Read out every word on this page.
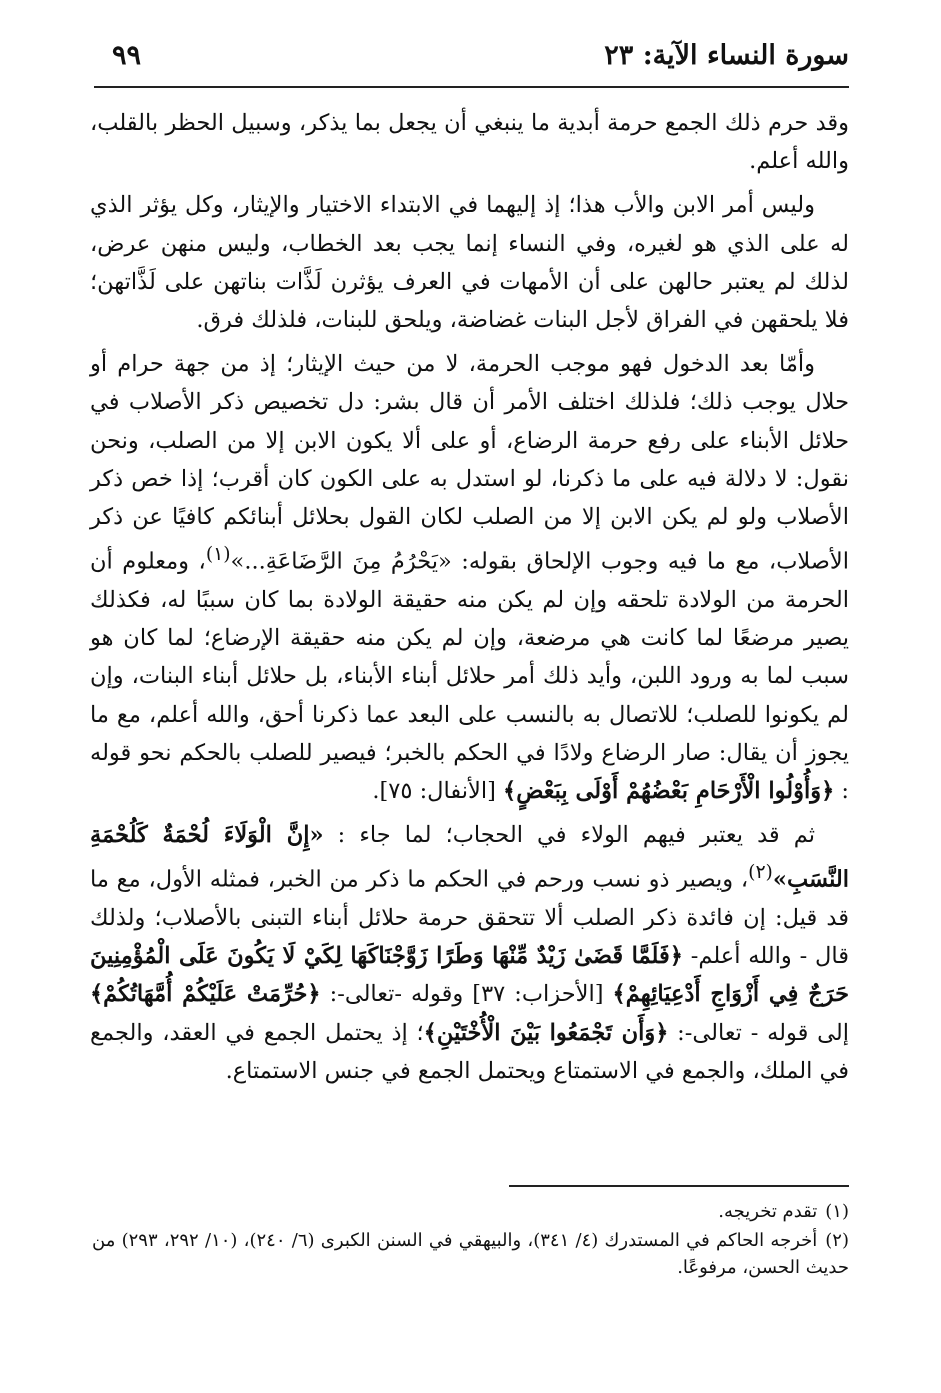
سورة النساء الآية: ٢٣
٩٩

وقد حرم ذلك الجمع حرمة أبدية ما ينبغي أن يجعل بما يذكر، وسبيل الحظر بالقلب، والله أعلم.

وليس أمر الابن والأب هذا؛ إذ إليهما في الابتداء الاختيار والإيثار، وكل يؤثر الذي له على الذي هو لغيره، وفي النساء إنما يجب بعد الخطاب، وليس منهن عرض، لذلك لم يعتبر حالهن على أن الأمهات في العرف يؤثرن لَذَّات بناتهن على لَذَّاتهن؛ فلا يلحقهن في الفراق لأجل البنات غضاضة، ويلحق للبنات، فلذلك فرق.

وأمّا بعد الدخول فهو موجب الحرمة، لا من حيث الإيثار؛ إذ من جهة حرام أو حلال يوجب ذلك؛ فلذلك اختلف الأمر أن قال بشر: دل تخصيص ذكر الأصلاب في حلائل الأبناء على رفع حرمة الرضاع، أو على ألا يكون الابن إلا من الصلب، ونحن نقول: لا دلالة فيه على ما ذكرنا، لو استدل به على الكون كان أقرب؛ إذا خص ذكر الأصلاب ولو لم يكن الابن إلا من الصلب لكان القول بحلائل أبنائكم كافيًا عن ذكر الأصلاب، مع ما فيه وجوب الإلحاق بقوله: «يَحْرُمُ مِنَ الرَّضَاعَةِ...»$^{(١)}$، ومعلوم أن الحرمة من الولادة تلحقه وإن لم يكن منه حقيقة الولادة بما كان سببًا له، فكذلك يصير مرضعًا لما كانت هي مرضعة، وإن لم يكن منه حقيقة الإرضاع؛ لما كان هو سبب لما به ورود اللبن، وأيد ذلك أمر حلائل أبناء الأبناء، بل حلائل أبناء البنات، وإن لم يكونوا للصلب؛ للاتصال به بالنسب على البعد عما ذكرنا أحق، والله أعلم، مع ما يجوز أن يقال: صار الرضاع ولادًا في الحكم بالخبر؛ فيصير للصلب بالحكم نحو قوله : ﴿وَأُوْلُوا الْأَرْحَامِ بَعْضُهُمْ أَوْلَى بِبَعْضٍ﴾ [الأنفال: ٧٥].

ثم قد يعتبر فيهم الولاء في الحجاب؛ لما جاء : «إِنَّ الْوَلَاءَ لُحْمَةٌ كَلُحْمَةِ النَّسَبِ»$^{(٢)}$، ويصير ذو نسب ورحم في الحكم ما ذكر من الخبر، فمثله الأول، مع ما قد قيل: إن فائدة ذكر الصلب ألا تتحقق حرمة حلائل أبناء التبنى بالأصلاب؛ ولذلك قال - والله أعلم- ﴿فَلَمَّا قَضَىٰ زَيْدٌ مِّنْهَا وَطَرًا زَوَّجْنَاكَهَا لِكَيْ لَا يَكُونَ عَلَى الْمُؤْمِنِينَ حَرَجٌ فِي أَزْوَاجِ أَدْعِيَائِهِمْ﴾ [الأحزاب: ٣٧] وقوله -تعالى-: ﴿حُرِّمَتْ عَلَيْكُمْ أُمَّهَاتُكُمْ﴾ إلى قوله - تعالى-: ﴿وَأَن تَجْمَعُوا بَيْنَ الْأُخْتَيْنِ﴾؛ إذ يحتمل الجمع في العقد، والجمع في الملك، والجمع في الاستمتاع ويحتمل الجمع في جنس الاستمتاع.

(١)تقدم تخريجه.
(٢)أخرجه الحاكم في المستدرك (٤/ ٣٤١)، والبيهقي في السنن الكبرى (٦/ ٢٤٠)، (١٠/ ٢٩٢، ٢٩٣) من حديث الحسن، مرفوعًا.
